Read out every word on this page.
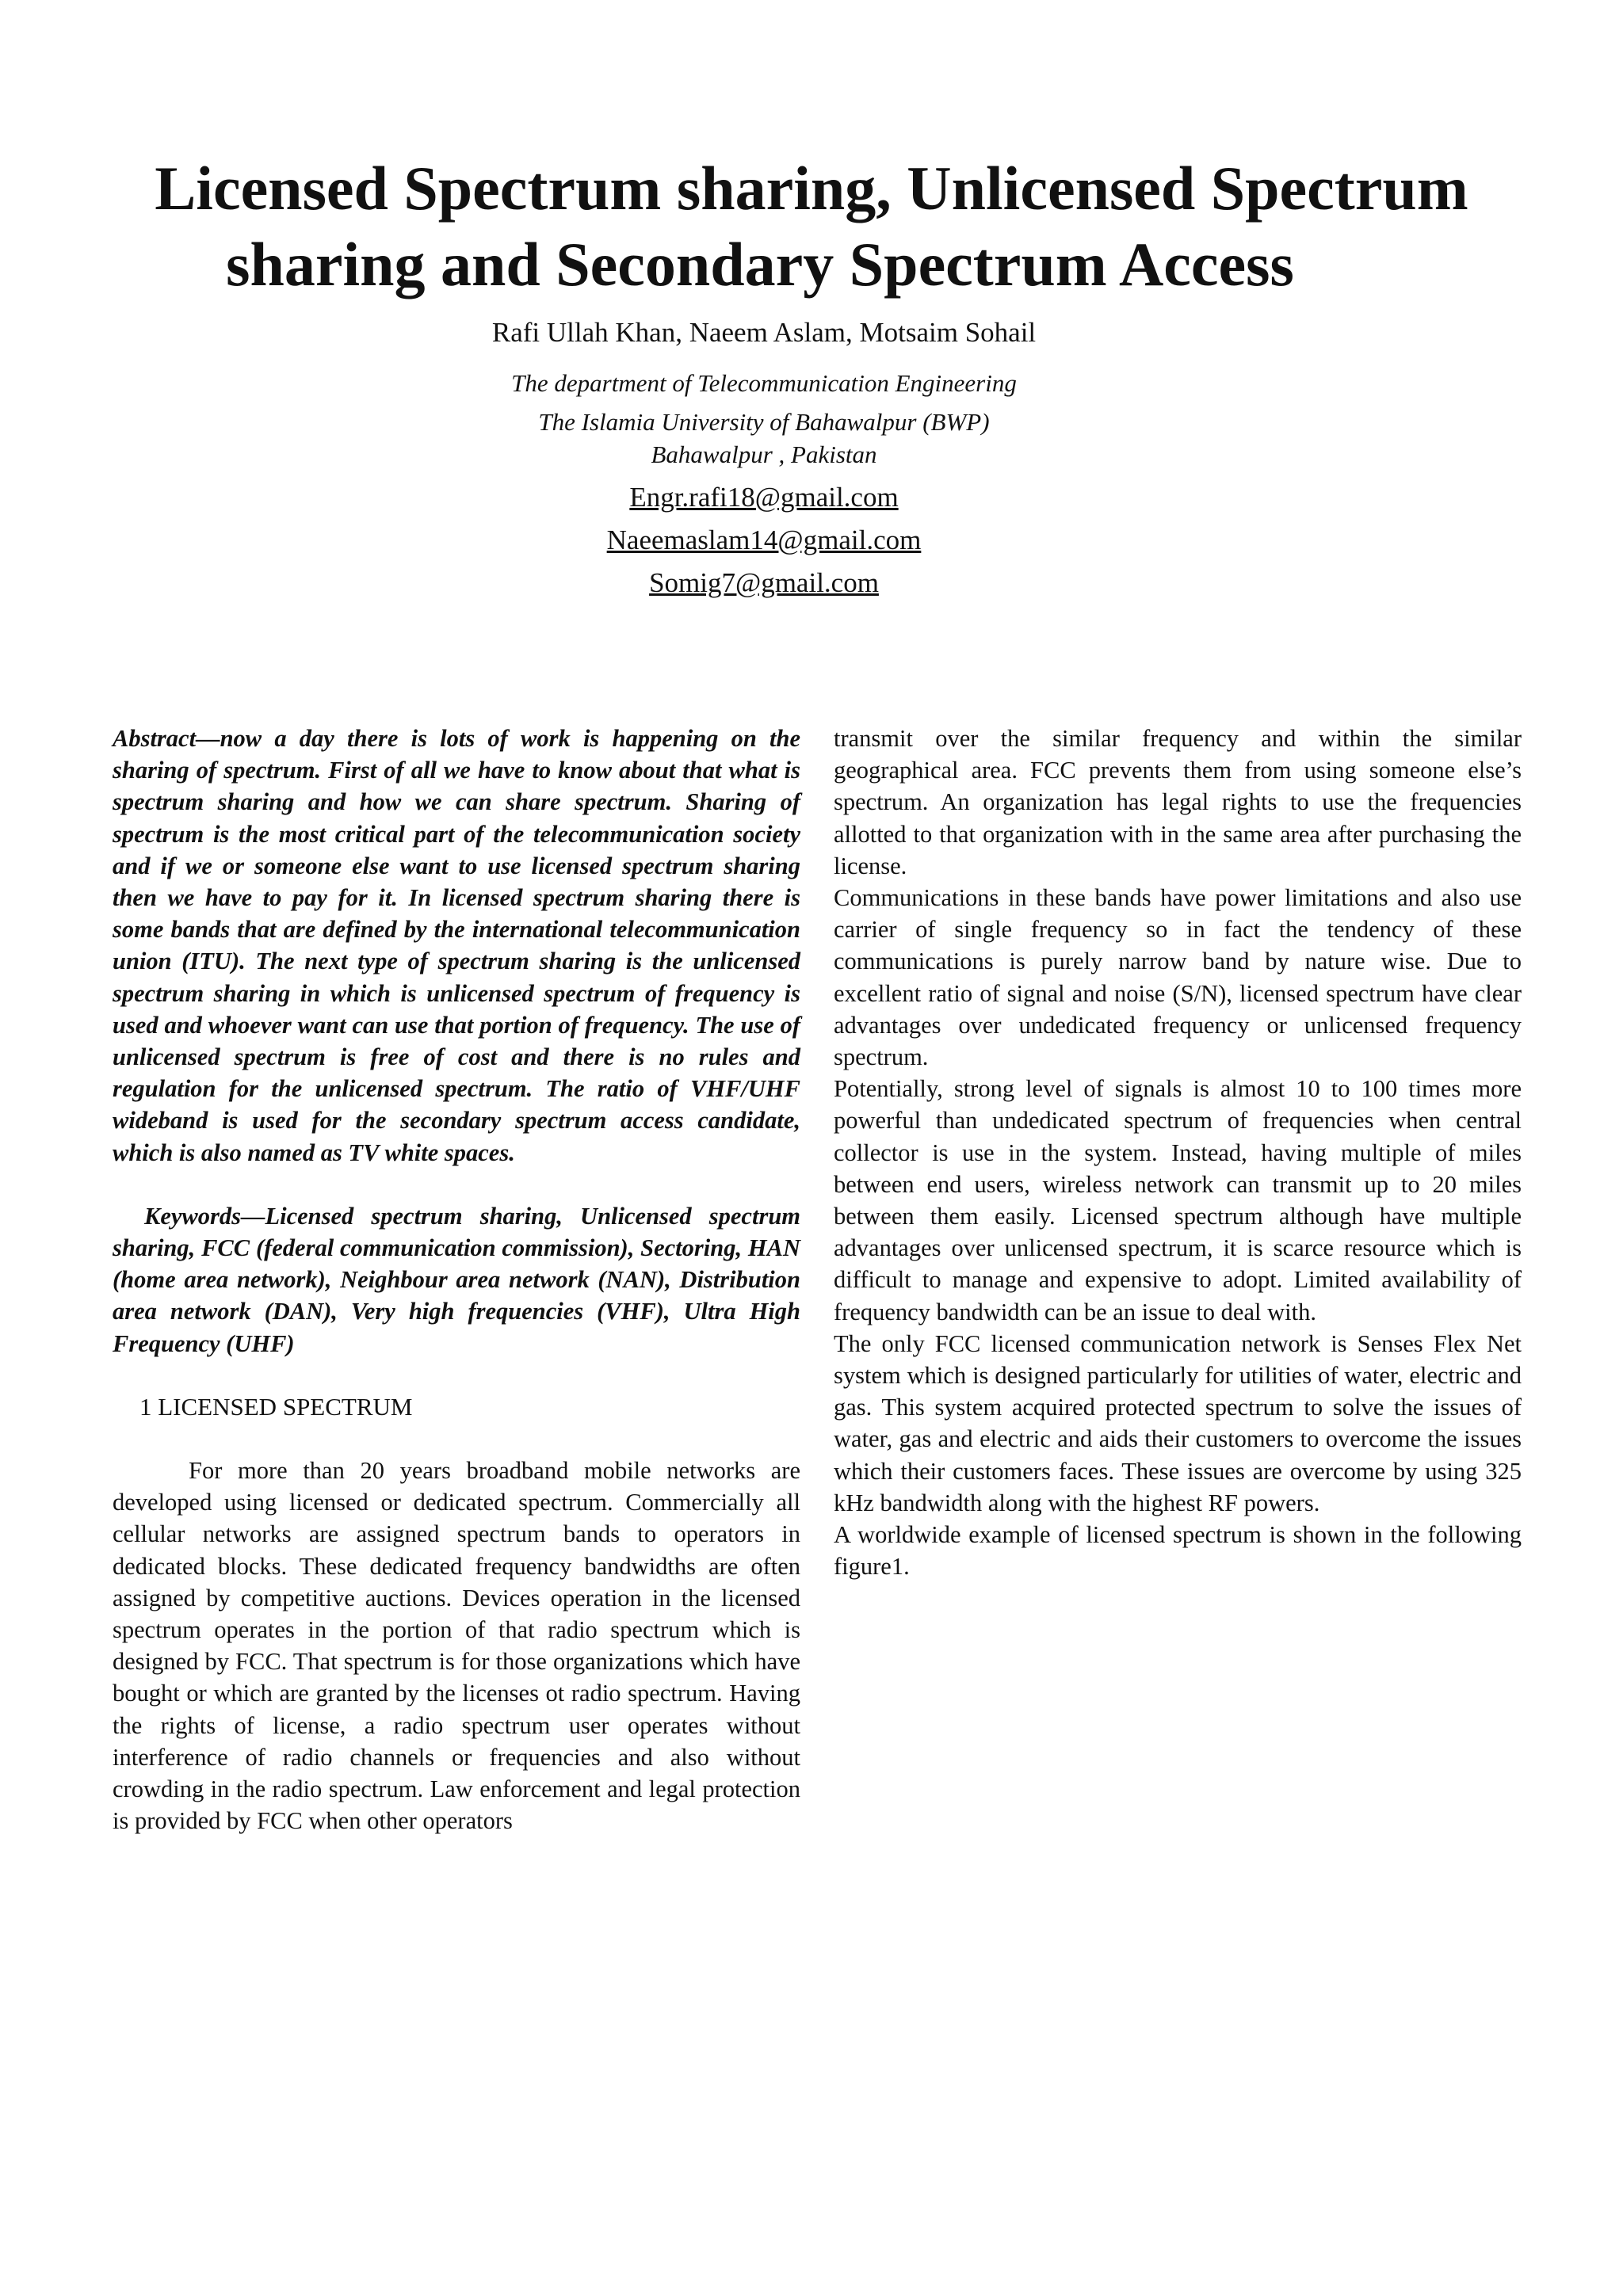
Licensed Spectrum sharing, Unlicensed Spectrum

sharing and Secondary Spectrum Access
Rafi Ullah Khan, Naeem Aslam, Motsaim Sohail
The department of Telecommunication Engineering
The Islamia University of Bahawalpur (BWP)
Bahawalpur , Pakistan
Engr.rafi18@gmail.com
Naeemaslam14@gmail.com
Somig7@gmail.com

Abstract—now a day there is lots of work is happening on the sharing of spectrum. First of all we have to know about that what is spectrum sharing and how we can share spectrum. Sharing of spectrum is the most critical part of the telecommunication society and if we or someone else want to use licensed spectrum sharing then we have to pay for it. In licensed spectrum sharing there is some bands that are defined by the international telecommunication union (ITU). The next type of spectrum sharing is the unlicensed spectrum sharing in which is unlicensed spectrum of frequency is used and whoever want can use that portion of frequency. The use of unlicensed spectrum is free of cost and there is no rules and regulation for the unlicensed spectrum. The ratio of VHF/UHF wideband is used for the secondary spectrum access candidate, which is also named as TV white spaces.

Keywords—Licensed spectrum sharing, Unlicensed spectrum sharing, FCC (federal communication commission), Sectoring, HAN (home area network), Neighbour area network (NAN), Distribution area network (DAN), Very high frequencies (VHF), Ultra High Frequency (UHF)

1 LICENSED SPECTRUM

For more than 20 years broadband mobile networks are developed using licensed or dedicated spectrum. Commercially all cellular networks are assigned spectrum bands to operators in dedicated blocks. These dedicated frequency bandwidths are often assigned by competitive auctions. Devices operation in the licensed spectrum operates in the portion of that radio spectrum which is designed by FCC. That spectrum is for those organizations which have bought or which are granted by the licenses ot radio spectrum. Having the rights of license, a radio spectrum user operates without interference of radio channels or frequencies and also without crowding in the radio spectrum. Law enforcement and legal protection is provided by FCC when other operators

transmit over the similar frequency and within the similar geographical area. FCC prevents them from using someone else’s spectrum. An organization has legal rights to use the frequencies allotted to that organization with in the same area after purchasing the license.

Communications in these bands have power limitations and also use carrier of single frequency so in fact the tendency of these communications is purely narrow band by nature wise. Due to excellent ratio of signal and noise (S/N), licensed spectrum have clear advantages over undedicated frequency or unlicensed frequency spectrum.

Potentially, strong level of signals is almost 10 to 100 times more powerful than undedicated spectrum of frequencies when central collector is use in the system. Instead, having multiple of miles between end users, wireless network can transmit up to 20 miles between them easily. Licensed spectrum although have multiple advantages over unlicensed spectrum, it is scarce resource which is difficult to manage and expensive to adopt. Limited availability of frequency bandwidth can be an issue to deal with.

The only FCC licensed communication network is Senses Flex Net system which is designed particularly for utilities of water, electric and gas. This system acquired protected spectrum to solve the issues of water, gas and electric and aids their customers to overcome the issues which their customers faces. These issues are overcome by using 325 kHz bandwidth along with the highest RF powers.

A worldwide example of licensed spectrum is shown in the following figure1.
